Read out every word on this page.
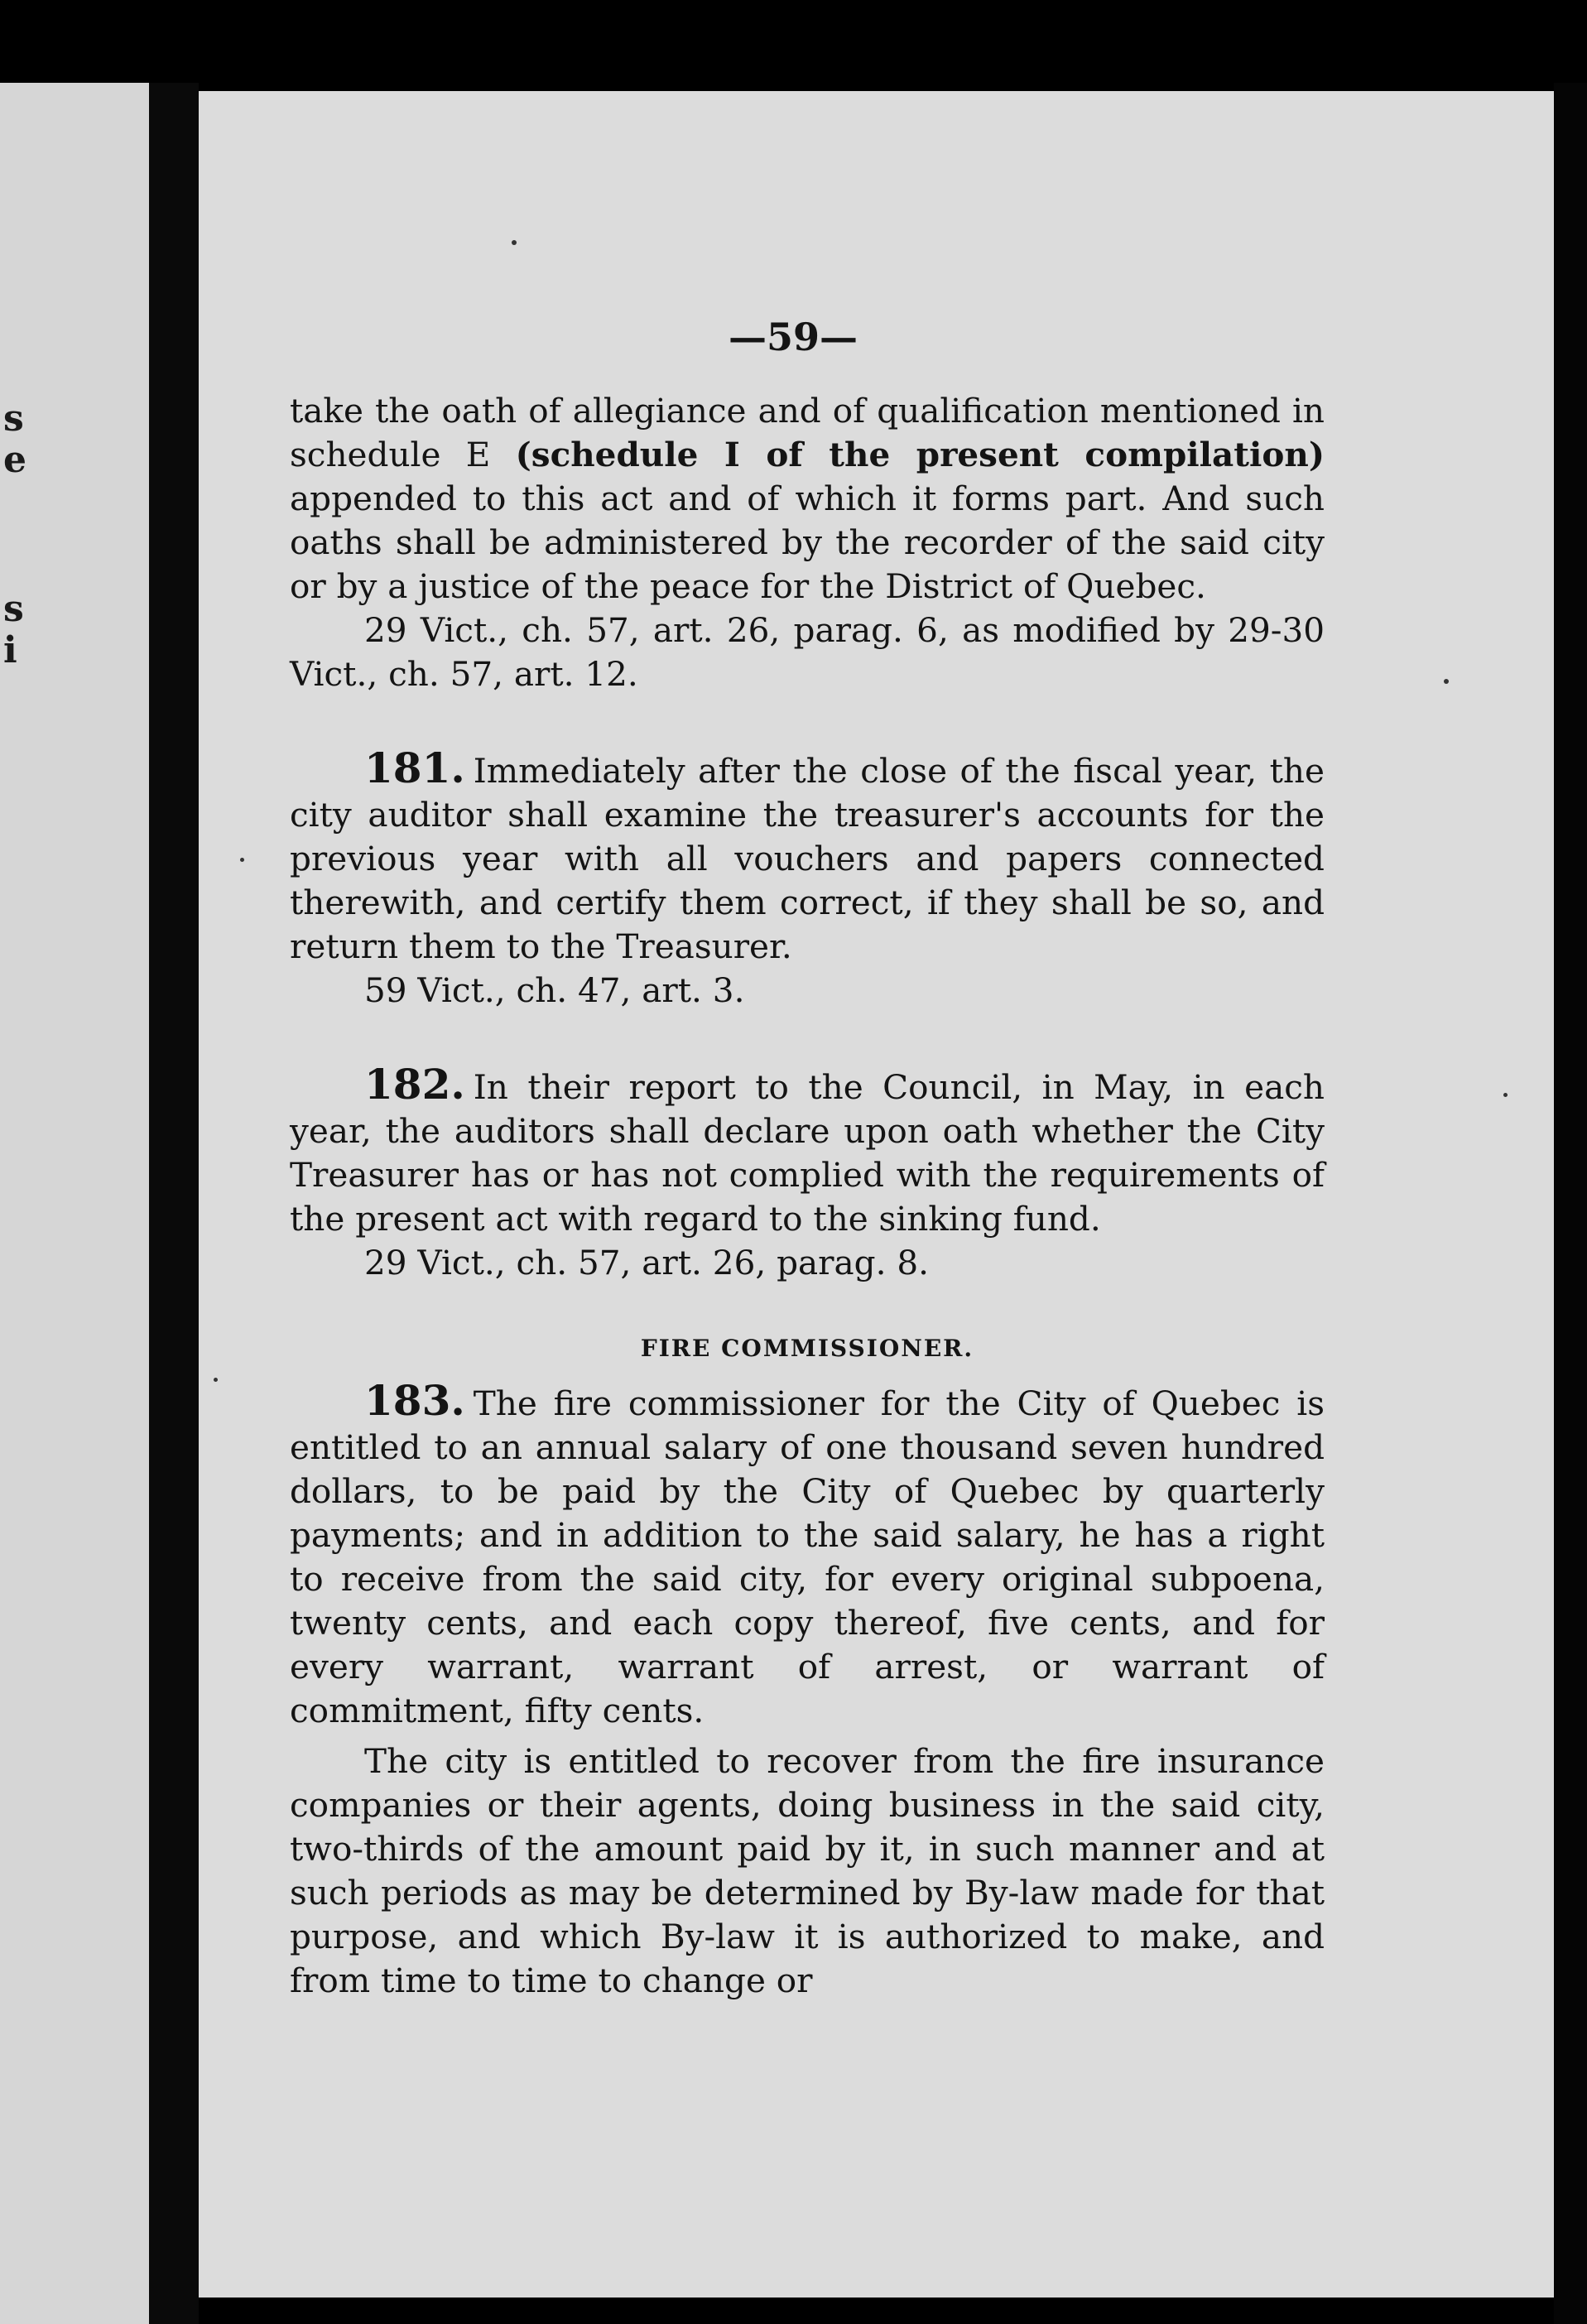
s
e
s
i
—59—

take the oath of allegiance and of qualification mentioned in schedule E (schedule I of the present compilation) appended to this act and of which it forms part. And such oaths shall be administered by the recorder of the said city or by a justice of the peace for the District of Quebec.

29 Vict., ch. 57, art. 26, parag. 6, as modified by 29-30 Vict., ch. 57, art. 12.

181. Immediately after the close of the fiscal year, the city auditor shall examine the treasurer's accounts for the previous year with all vouchers and papers connected therewith, and certify them correct, if they shall be so, and return them to the Treasurer.

59 Vict., ch. 47, art. 3.

182. In their report to the Council, in May, in each year, the auditors shall declare upon oath whether the City Treasurer has or has not complied with the requirements of the present act with regard to the sinking fund.

29 Vict., ch. 57, art. 26, parag. 8.

FIRE COMMISSIONER.

183. The fire commissioner for the City of Quebec is entitled to an annual salary of one thousand seven hundred dollars, to be paid by the City of Quebec by quarterly payments; and in addition to the said salary, he has a right to receive from the said city, for every original subpoena, twenty cents, and each copy thereof, five cents, and for every warrant, warrant of arrest, or warrant of commitment, fifty cents.

The city is entitled to recover from the fire insurance companies or their agents, doing business in the said city, two-thirds of the amount paid by it, in such manner and at such periods as may be determined by By-law made for that purpose, and which By-law it is authorized to make, and from time to time to change or
